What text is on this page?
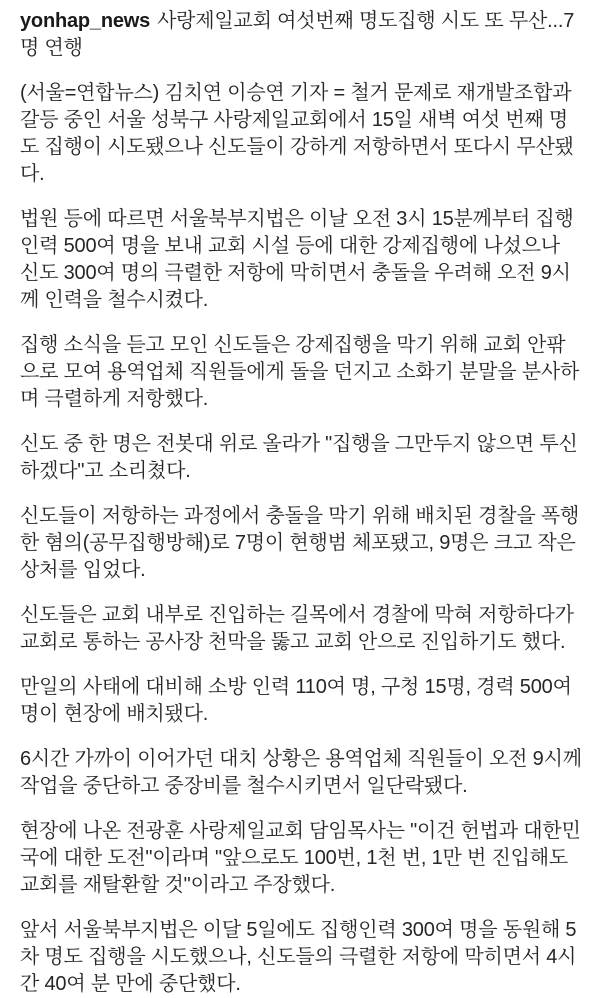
yonhap_news 사랑제일교회 여섯번째 명도집행 시도 또 무산...7명 연행

(서울=연합뉴스) 김치연 이승연 기자 = 철거 문제로 재개발조합과 갈등 중인 서울 성북구 사랑제일교회에서 15일 새벽 여섯 번째 명도 집행이 시도됐으나 신도들이 강하게 저항하면서 또다시 무산됐다.

법원 등에 따르면 서울북부지법은 이날 오전 3시 15분께부터 집행인력 500여 명을 보내 교회 시설 등에 대한 강제집행에 나섰으나 신도 300여 명의 극렬한 저항에 막히면서 충돌을 우려해 오전 9시께 인력을 철수시켰다.

집행 소식을 듣고 모인 신도들은 강제집행을 막기 위해 교회 안팎으로 모여 용역업체 직원들에게 돌을 던지고 소화기 분말을 분사하며 극렬하게 저항했다.

신도 중 한 명은 전봇대 위로 올라가 "집행을 그만두지 않으면 투신하겠다"고 소리쳤다.

신도들이 저항하는 과정에서 충돌을 막기 위해 배치된 경찰을 폭행한 혐의(공무집행방해)로 7명이 현행범 체포됐고, 9명은 크고 작은 상처를 입었다.

신도들은 교회 내부로 진입하는 길목에서 경찰에 막혀 저항하다가 교회로 통하는 공사장 천막을 뚫고 교회 안으로 진입하기도 했다.

만일의 사태에 대비해 소방 인력 110여 명, 구청 15명, 경력 500여 명이 현장에 배치됐다.

6시간 가까이 이어가던 대치 상황은 용역업체 직원들이 오전 9시께 작업을 중단하고 중장비를 철수시키면서 일단락됐다.

현장에 나온 전광훈 사랑제일교회 담임목사는 "이건 헌법과 대한민국에 대한 도전"이라며 "앞으로도 100번, 1천 번, 1만 번 진입해도 교회를 재탈환할 것"이라고 주장했다.

앞서 서울북부지법은 이달 5일에도 집행인력 300여 명을 동원해 5차 명도 집행을 시도했으나, 신도들의 극렬한 저항에 막히면서 4시간 40여 분 만에 중단했다.
